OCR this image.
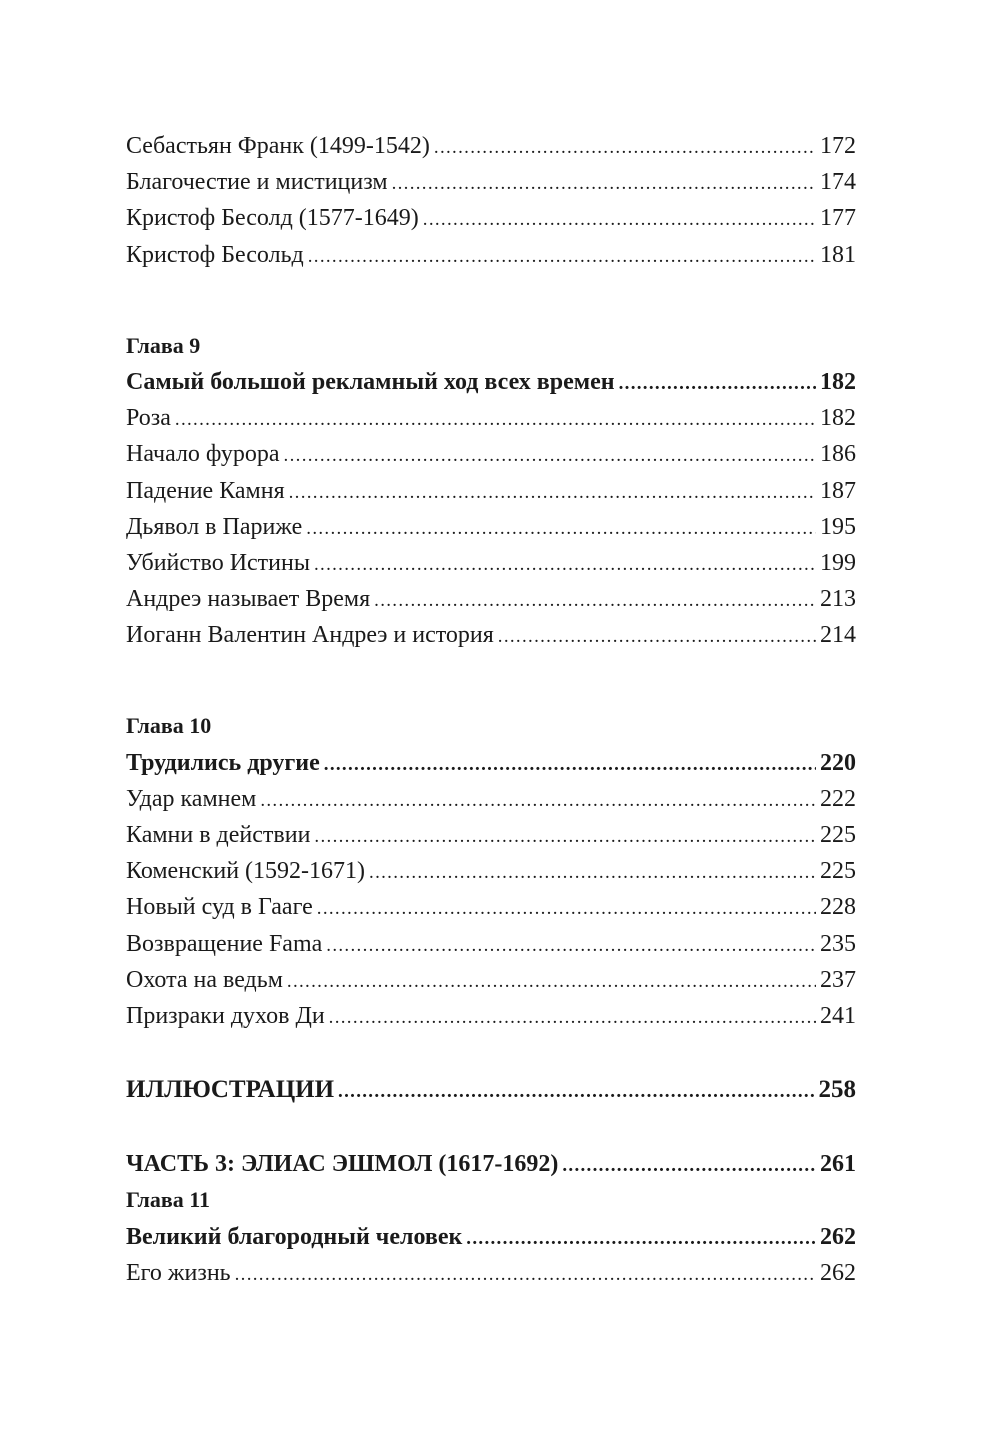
Себастьян Франк (1499-1542) .....	172
Благочестие и мистицизм .....	174
Кристоф Бесолд (1577-1649) .....	177
Кристоф Бесольд .....	181
Глава 9
Самый большой рекламный ход всех времен .....	182
Роза .....	182
Начало фурора .....	186
Падение Камня .....	187
Дьявол в Париже .....	195
Убийство Истины .....	199
Андреэ называет Время .....	213
Иоганн Валентин Андреэ и история .....	214
Глава 10
Трудились другие .....	220
Удар камнем .....	222
Камни в действии .....	225
Коменский (1592-1671) .....	225
Новый суд в Гааге .....	228
Возвращение Fama .....	235
Охота на ведьм .....	237
Призраки духов Ди .....	241
ИЛЛЮСТРАЦИИ .....	258
ЧАСТЬ 3: ЭЛИАС ЭШМОЛ (1617-1692) .....	261
Глава 11
Великий благородный человек .....	262
Его жизнь .....	262
